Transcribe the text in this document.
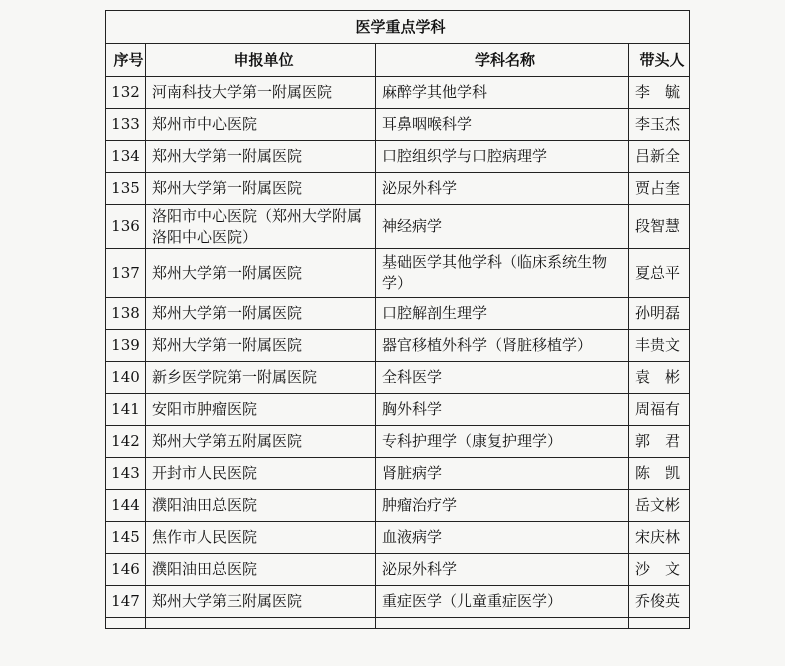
医学重点学科			
序号	申报单位	学科名称	带头人
132	河南科技大学第一附属医院	麻醉学其他学科	李　毓
133	郑州市中心医院	耳鼻咽喉科学	李玉杰
134	郑州大学第一附属医院	口腔组织学与口腔病理学	吕新全
135	郑州大学第一附属医院	泌尿外科学	贾占奎
136	洛阳市中心医院（郑州大学附属洛阳中心医院）	神经病学	段智慧
137	郑州大学第一附属医院	基础医学其他学科（临床系统生物学）	夏总平
138	郑州大学第一附属医院	口腔解剖生理学	孙明磊
139	郑州大学第一附属医院	器官移植外科学（肾脏移植学）	丰贵文
140	新乡医学院第一附属医院	全科医学	袁　彬
141	安阳市肿瘤医院	胸外科学	周福有
142	郑州大学第五附属医院	专科护理学（康复护理学）	郭　君
143	开封市人民医院	肾脏病学	陈　凯
144	濮阳油田总医院	肿瘤治疗学	岳文彬
145	焦作市人民医院	血液病学	宋庆林
146	濮阳油田总医院	泌尿外科学	沙　文
147	郑州大学第三附属医院	重症医学（儿童重症医学）	乔俊英
